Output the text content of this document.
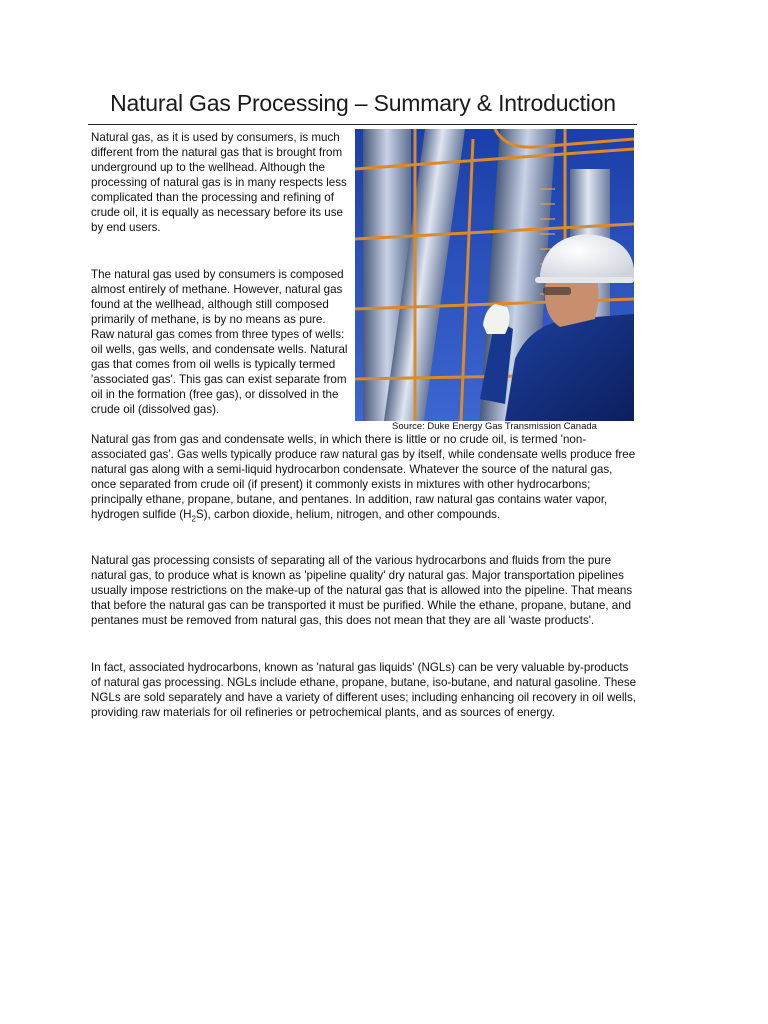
Natural Gas Processing – Summary & Introduction
Natural gas, as it is used by consumers, is much different from the natural gas that is brought from underground up to the wellhead. Although the processing of natural gas is in many respects less complicated than the processing and refining of crude oil, it is equally as necessary before its use by end users.
The natural gas used by consumers is composed almost entirely of methane. However, natural gas found at the wellhead, although still composed primarily of methane, is by no means as pure. Raw natural gas comes from three types of wells: oil wells, gas wells, and condensate wells. Natural gas that comes from oil wells is typically termed 'associated gas'. This gas can exist separate from oil in the formation (free gas), or dissolved in the crude oil (dissolved gas).
Natural gas from gas and condensate wells, in which there is little or no crude oil, is termed 'non-associated gas'. Gas wells typically produce raw natural gas by itself, while condensate wells produce free natural gas along with a semi-liquid hydrocarbon condensate. Whatever the source of the natural gas, once separated from crude oil (if present) it commonly exists in mixtures with other hydrocarbons; principally ethane, propane, butane, and pentanes. In addition, raw natural gas contains water vapor, hydrogen sulfide $(H_2S)$, carbon dioxide, helium, nitrogen, and other compounds.
Natural gas processing consists of separating all of the various hydrocarbons and fluids from the pure natural gas, to produce what is known as 'pipeline quality' dry natural gas. Major transportation pipelines usually impose restrictions on the make-up of the natural gas that is allowed into the pipeline. That means that before the natural gas can be transported it must be purified. While the ethane, propane, butane, and pentanes must be removed from natural gas, this does not mean that they are all 'waste products'.
In fact, associated hydrocarbons, known as 'natural gas liquids' (NGLs) can be very valuable by-products of natural gas processing. NGLs include ethane, propane, butane, iso-butane, and natural gasoline. These NGLs are sold separately and have a variety of different uses; including enhancing oil recovery in oil wells, providing raw materials for oil refineries or petrochemical plants, and as sources of energy.
Source: Duke Energy Gas Transmission Canada
